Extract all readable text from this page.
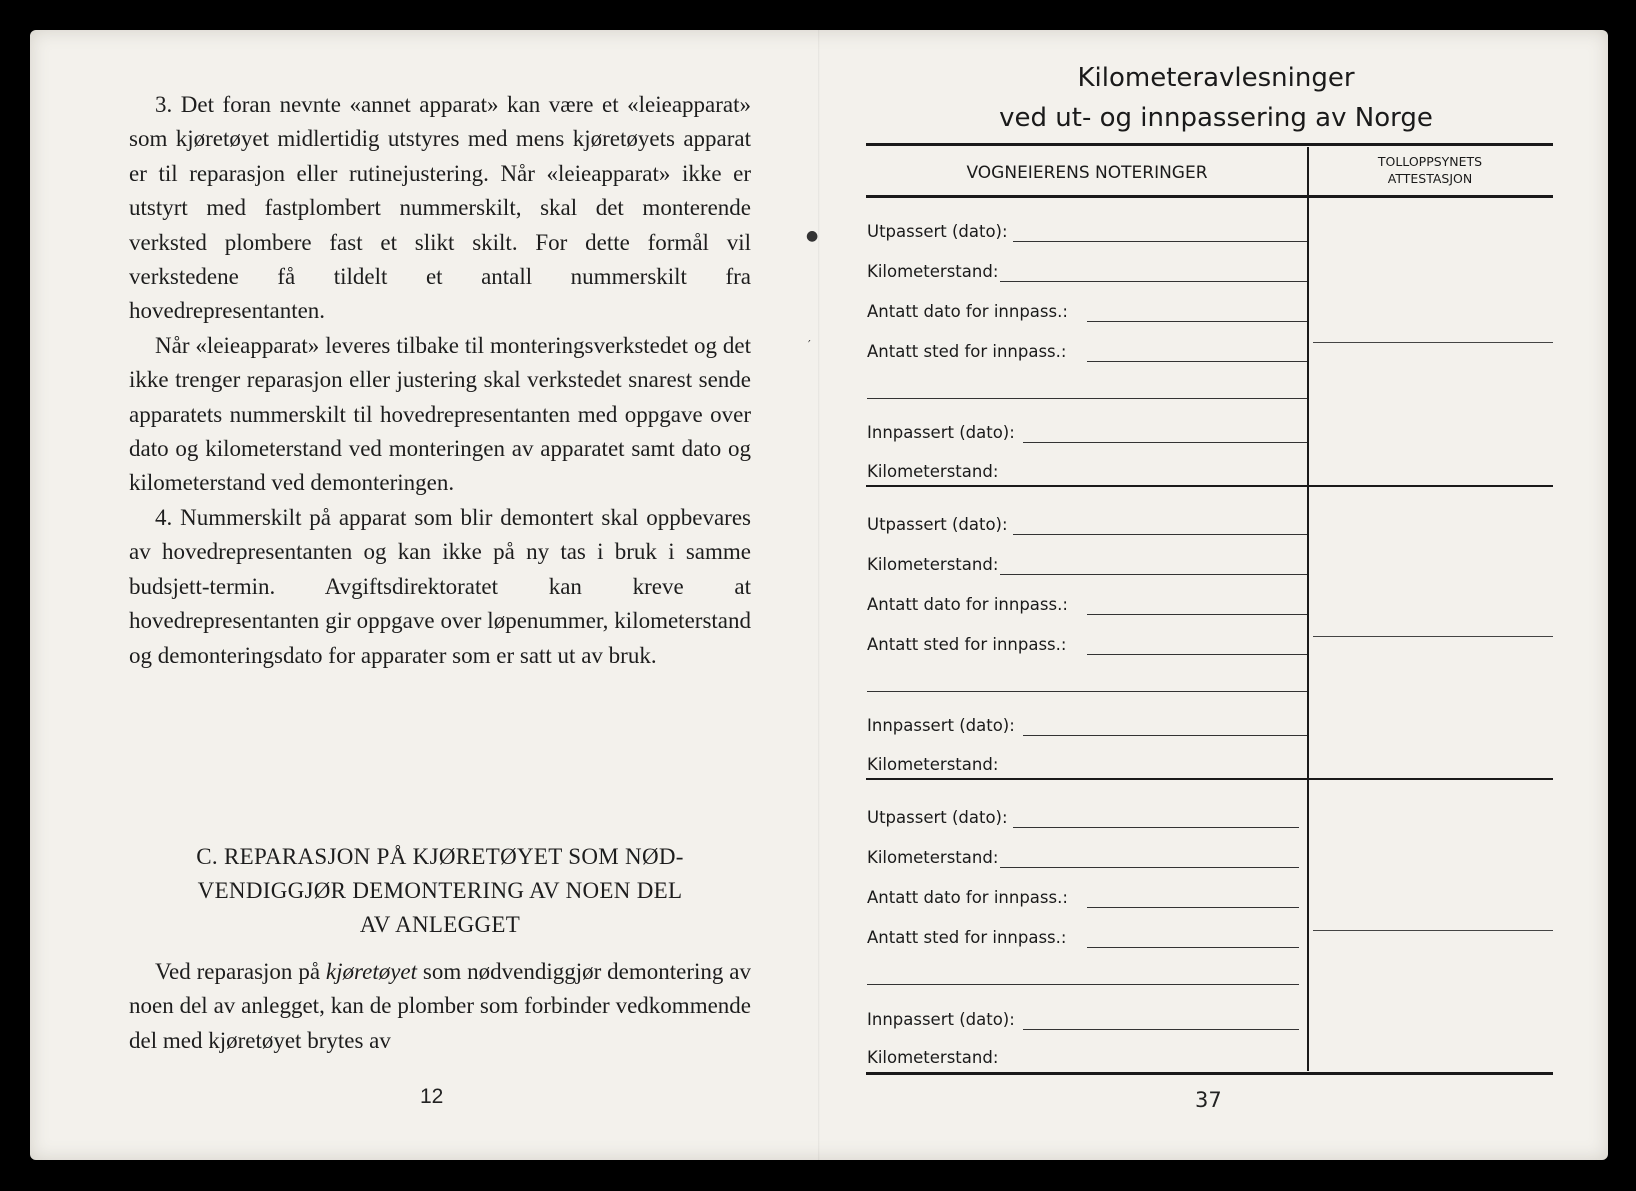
3. Det foran nevnte «annet apparat» kan være et «leieapparat» som kjøretøyet midlertidig utstyres med mens kjøretøyets apparat er til reparasjon eller rutinejustering. Når «leieapparat» ikke er utstyrt med fastplombert nummerskilt, skal det monterende verksted plombere fast et slikt skilt. For dette formål vil verkstedene få tildelt et antall nummerskilt fra hovedrepresentanten.

Når «leieapparat» leveres tilbake til monteringsverkstedet og det ikke trenger reparasjon eller justering skal verkstedet snarest sende apparatets nummerskilt til hovedrepresentanten med oppgave over dato og kilometerstand ved monteringen av apparatet samt dato og kilometerstand ved demonteringen.

4. Nummerskilt på apparat som blir demontert skal oppbevares av hovedrepresentanten og kan ikke på ny tas i bruk i samme budsjett-termin. Avgiftsdirektoratet kan kreve at hovedrepresentanten gir oppgave over løpenummer, kilometerstand og demonteringsdato for apparater som er satt ut av bruk.

C. REPARASJON PÅ KJØRETØYET SOM NØD-
VENDIGGJØR DEMONTERING AV NOEN DEL
AV ANLEGGET

Ved reparasjon på kjøretøyet som nødvendiggjør demontering av noen del av anlegget, kan de plomber som forbinder vedkommende del med kjøretøyet brytes av

12
Kilometeravlesninger
ved ut- og innpassering av Norge
VOGNEIERENS NOTERINGER
TOLLOPPSYNETS
ATTESTASJON
Utpassert (dato):
Kilometerstand:
Antatt dato for innpass.:
Antatt sted for innpass.:
Innpassert (dato):
Kilometerstand:
Utpassert (dato):
Kilometerstand:
Antatt dato for innpass.:
Antatt sted for innpass.:
Innpassert (dato):
Kilometerstand:
Utpassert (dato):
Kilometerstand:
Antatt dato for innpass.:
Antatt sted for innpass.:
Innpassert (dato):
Kilometerstand:
37
●
′
